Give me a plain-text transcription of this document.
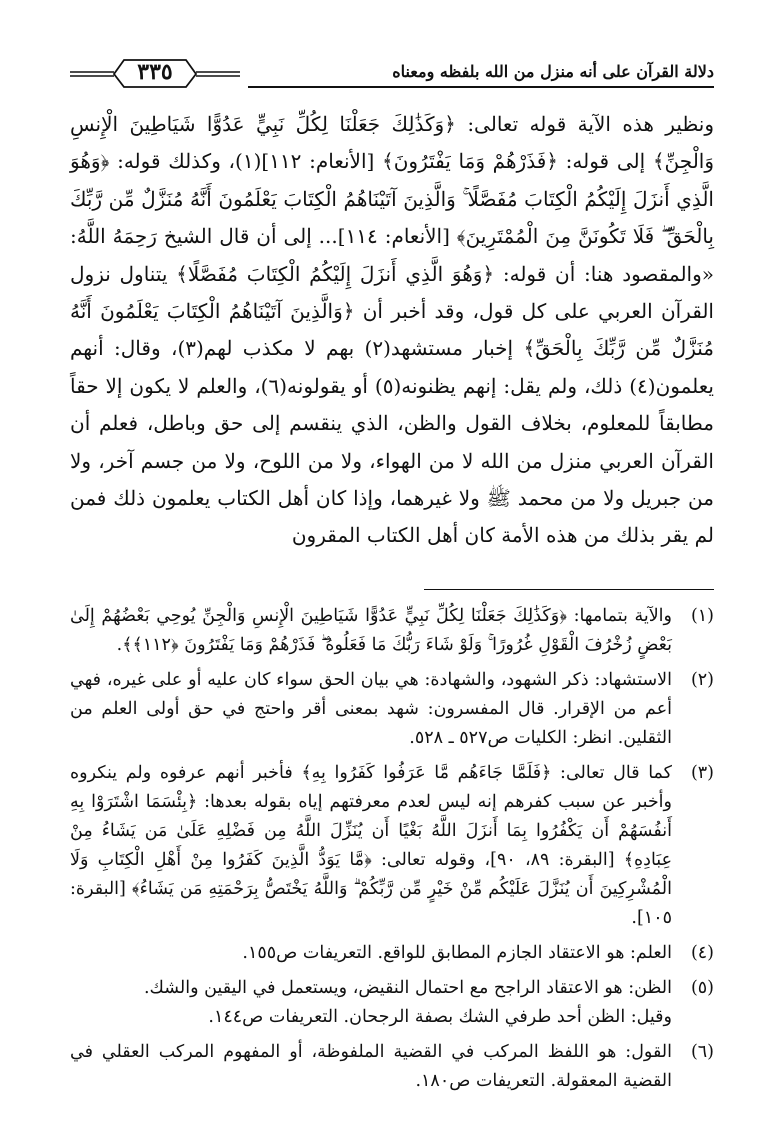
دلالة القرآن على أنه منزل من الله بلفظه ومعناه
٣٣٥
ونظير هذه الآية قوله تعالى: ﴿وَكَذَٰلِكَ جَعَلْنَا لِكُلِّ نَبِيٍّ عَدُوًّا شَيَاطِينَ الْإِنسِ وَالْجِنِّ﴾ إلى قوله: ﴿فَذَرْهُمْ وَمَا يَفْتَرُونَ﴾ [الأنعام: ١١٢](١)، وكذلك قوله: ﴿وَهُوَ الَّذِي أَنزَلَ إِلَيْكُمُ الْكِتَابَ مُفَصَّلًا ۚ وَالَّذِينَ آتَيْنَاهُمُ الْكِتَابَ يَعْلَمُونَ أَنَّهُ مُنَزَّلٌ مِّن رَّبِّكَ بِالْحَقِّ ۖ فَلَا تَكُونَنَّ مِنَ الْمُمْتَرِينَ﴾ [الأنعام: ١١٤]... إلى أن قال الشيخ رَحِمَهُ اللَّهُ: «والمقصود هنا: أن قوله: ﴿وَهُوَ الَّذِي أَنزَلَ إِلَيْكُمُ الْكِتَابَ مُفَصَّلًا﴾ يتناول نزول القرآن العربي على كل قول، وقد أخبر أن ﴿وَالَّذِينَ آتَيْنَاهُمُ الْكِتَابَ يَعْلَمُونَ أَنَّهُ مُنَزَّلٌ مِّن رَّبِّكَ بِالْحَقِّ﴾ إخبار مستشهد(٢) بهم لا مكذب لهم(٣)، وقال: أنهم يعلمون(٤) ذلك، ولم يقل: إنهم يظنونه(٥) أو يقولونه(٦)، والعلم لا يكون إلا حقاً مطابقاً للمعلوم، بخلاف القول والظن، الذي ينقسم إلى حق وباطل، فعلم أن القرآن العربي منزل من الله لا من الهواء، ولا من اللوح، ولا من جسم آخر، ولا من جبريل ولا من محمد ﷺ ولا غيرهما، وإذا كان أهل الكتاب يعلمون ذلك فمن لم يقر بذلك من هذه الأمة كان أهل الكتاب المقرون
(١)
والآية بتمامها: ﴿وَكَذَٰلِكَ جَعَلْنَا لِكُلِّ نَبِيٍّ عَدُوًّا شَيَاطِينَ الْإِنسِ وَالْجِنِّ يُوحِي بَعْضُهُمْ إِلَىٰ بَعْضٍ زُخْرُفَ الْقَوْلِ غُرُورًا ۚ وَلَوْ شَاءَ رَبُّكَ مَا فَعَلُوهُ ۖ فَذَرْهُمْ وَمَا يَفْتَرُونَ ﴿١١٢﴾﴾.
(٢)
الاستشهاد: ذكر الشهود، والشهادة: هي بيان الحق سواء كان عليه أو على غيره، فهي أعم من الإقرار. قال المفسرون: شهد بمعنى أقر واحتج في حق أولى العلم من الثقلين. انظر: الكليات ص٥٢٧ ـ ٥٢٨.
(٣)
كما قال تعالى: ﴿فَلَمَّا جَاءَهُم مَّا عَرَفُوا كَفَرُوا بِهِ﴾ فأخبر أنهم عرفوه ولم ينكروه وأخبر عن سبب كفرهم إنه ليس لعدم معرفتهم إياه بقوله بعدها: ﴿بِئْسَمَا اشْتَرَوْا بِهِ أَنفُسَهُمْ أَن يَكْفُرُوا بِمَا أَنزَلَ اللَّهُ بَغْيًا أَن يُنَزِّلَ اللَّهُ مِن فَضْلِهِ عَلَىٰ مَن يَشَاءُ مِنْ عِبَادِهِ﴾ [البقرة: ٨٩، ٩٠]، وقوله تعالى: ﴿مَّا يَوَدُّ الَّذِينَ كَفَرُوا مِنْ أَهْلِ الْكِتَابِ وَلَا الْمُشْرِكِينَ أَن يُنَزَّلَ عَلَيْكُم مِّنْ خَيْرٍ مِّن رَّبِّكُمْ ۗ وَاللَّهُ يَخْتَصُّ بِرَحْمَتِهِ مَن يَشَاءُ﴾ [البقرة: ١٠٥].
(٤)
العلم: هو الاعتقاد الجازم المطابق للواقع. التعريفات ص١٥٥.
(٥)
الظن: هو الاعتقاد الراجح مع احتمال النقيض، ويستعمل في اليقين والشك.
وقيل: الظن أحد طرفي الشك بصفة الرجحان. التعريفات ص١٤٤.
(٦)
القول: هو اللفظ المركب في القضية الملفوظة، أو المفهوم المركب العقلي في القضية المعقولة. التعريفات ص١٨٠.
